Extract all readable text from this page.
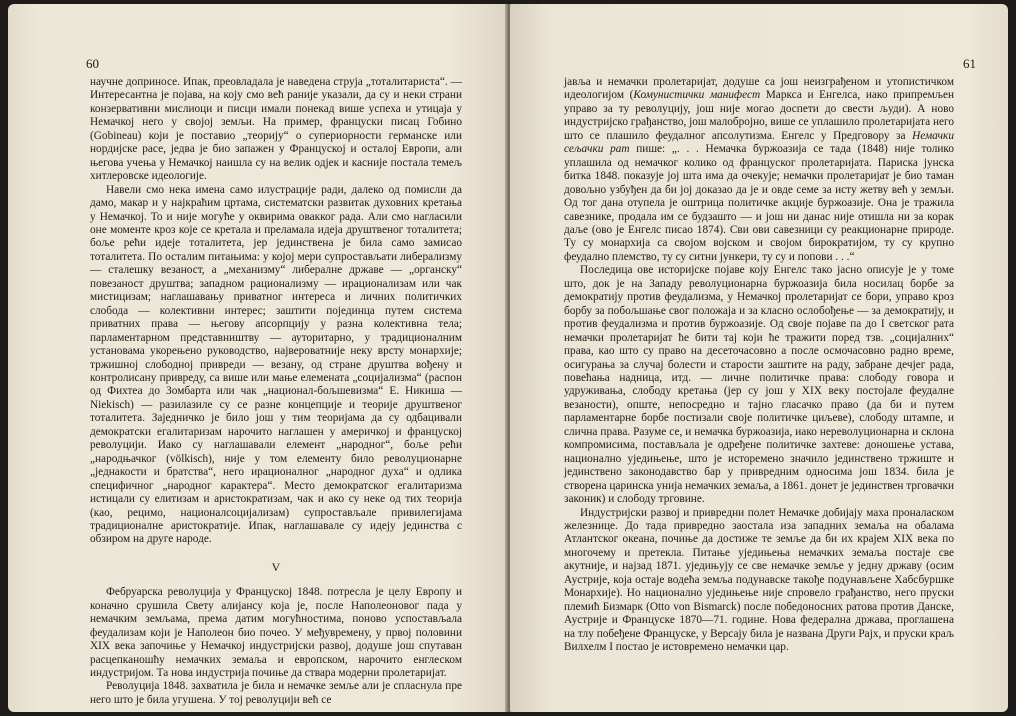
60

научне доприносе. Ипак, преовладала је наведена струја „тоталитариста“. — Интересантна је појава, на коју смо већ раније указали, да су и неки страни конзервативни мислиоци и писци имали понекад више успеха и утицаја у Немачкој него у својој земљи. На пример, француски писац Гобино (Gobineau) који је поставио „теорију“ о супериорности германске или нордијске расе, једва је био запажен у Француској и осталој Европи, али његова учења у Немачкој наишла су на велик одјек и касније постала темељ хитлеровске идеологије.

Навели смо нека имена само илустрације ради, далеко од помисли да дамо, макар и у најкраћим цртама, систематски развитак духовних кретања у Немачкој. То и није могуће у оквирима овакког рада. Али смо нагласили оне моменте кроз које се кретала и преламала идеја друштвеног тоталитета; боље рећи идеје тоталитета, јер јединствена је била само замисао тоталитета. По осталим питањима: у којој мери супростављати либерализму — сталешку везаност, а „механизму“ либералне државе — „органску“ повезаност друштва; западном рационализму — ирационализам или чак мистицизам; наглашавању приватног интереса и личних политичких слобода — колективни интерес; заштити појединца путем система приватних права — његову апсорпцију у разна колективна тела; парламентарном представништву — ауторитарно, у традиционалним установама укорењено руководство, највероватније неку врсту монархије; тржишној слободној привреди — везану, од стране друштва вођену и контролисану привреду, са више или мање елемената „социјализма“ (распон од Фихтеа до Зомбарта или чак „национал-бољшевизма“ Е. Никиша — Niekisch) — разилазиле су се разне концепције и теорије друштвеног тоталитета. Заједничко је било још у тим теоријама да су одбацивали демократски егалитаризам нарочито наглашен у америчкој и француској револуцији. Иако су наглашавали елемент „народног“, боље рећи „народњачког (völkisch), није у том елементу било револуционарне „једнакости и братства“, него ирационалног „народног духа“ и одлика специфичног „народног карактера“. Место демократског егалитаризма истицали су елитизам и аристократизам, чак и ако су неке од тих теорија (као, рецимо, националсоцијализам) супростављале привилегијама традиционалне аристократије. Ипак, наглашавале су идеју јединства с обзиром на друге народе.

V

Фебруарска револуција у Француској 1848. потресла је целу Европу и коначно срушила Свету алијансу која је, после Наполеоновог пада у немачким земљама, према датим могућностима, поново успостављала феудализам који је Наполеон био почео. У међувремену, у првој половини XIX века започиње у Немачкој индустријски развој, додуше још спутаван расцепканошћу немачких земаља и европском, нарочито енглеском индустријом. Та нова индустрија почиње да ствара модерни пролетаријат.

Револуција 1848. захватила је била и немачке земље али је спласнула пре него што је била угушена. У тој револуцији већ се

61

јавља и немачки пролетаријат, додуше са још неизграђеном и утопистичком идеологијом (Комунистички манифест Маркса и Енгелса, иако припремљен управо за ту револуцију, још није могао доспети до свести људи). А ново индустријско грађанство, још малобројно, више се уплашило пролетаријата него што се плашило феудалног апсолутизма. Енгелс у Предговору за Немачки сељачки рат пише: „. . . Немачка буржоазија се тада (1848) није толико уплашила од немачког колико од француског пролетаријата. Париска јунска битка 1848. показује јој шта има да очекује; немачки пролетаријат је био таман довољно узбуђен да би јој доказао да је и овде семе за исту жетву већ у земљи. Од тог дана отупела је оштрица политичке акције буржоазије. Она је тражила савезнике, продала им се будзашто — и још ни данас није отишла ни за корак даље (ово је Енгелс писао 1874). Сви ови савезници су реакционарне природе. Ту су монархија са својом војском и својом бирократијом, ту су крупно феудално племство, ту су ситни јункери, ту су и попови . . .“

Последица ове историјске појаве коју Енгелс тако јасно описује је у томе што, док је на Западу револуционарна буржоазија била носилац борбе за демократију против феудализма, у Немачкој пролетаријат се бори, управо кроз борбу за побољшање свог положаја и за класно ослобођење — за демократију, и против феудализма и против буржоазије. Од своје појаве па до I светског рата немачки пролетаријат ће бити тај који ће тражити поред тзв. „социјалних“ права, као што су право на десеточасовно а после осмочасовно радно време, осигурања за случај болести и старости заштите на раду, забране дечјег рада, повећања надница, итд. — личне политичке права: слободу говора и удруживања, слободу кретања (јер су још у XIX веку постојале феудалне везаности), опште, непосредно и тајно гласачко право (да би и путем парламентарне борбе постизали своје политичке циљеве), слободу штампе, и слична права. Разуме се, и немачка буржоазија, иако нереволуционарна и склона компромисима, постављала је одређене политичке захтеве: доношење устава, национално уједињење, што је исторемено значило јединствено тржиште и јединствено законодавство бар у привредним односима још 1834. била је створена царинска унија немачких земаља, а 1861. донет је јединствен трговачки законик) и слободу трговине.

Индустријски развој и привредни полет Немачке добијају маха проналаском железнице. До тада привредно заостала иза западних земаља на обалама Атлантског океана, почиње да достиже те земље да би их крајем XIX века по многочему и претекла. Питање уједињења немачких земаља постаје све акутније, и најзад 1871. уједињују се све немачке земље у једну државу (осим Аустрије, која остаје водећа земља подунавске такође подунављене Хабсбуршке Монархије). Но национално уједињење није спровело грађанство, него пруски племић Бизмарк (Otto von Bismarck) после победоносних ратова против Данске, Аустрије и Француске 1870—71. године. Нова федерална држава, проглашена на тлу побеђене Француске, у Версају била је названа Други Рајх, и пруски краљ Вилхелм I постао је истовремено немачки цар.
